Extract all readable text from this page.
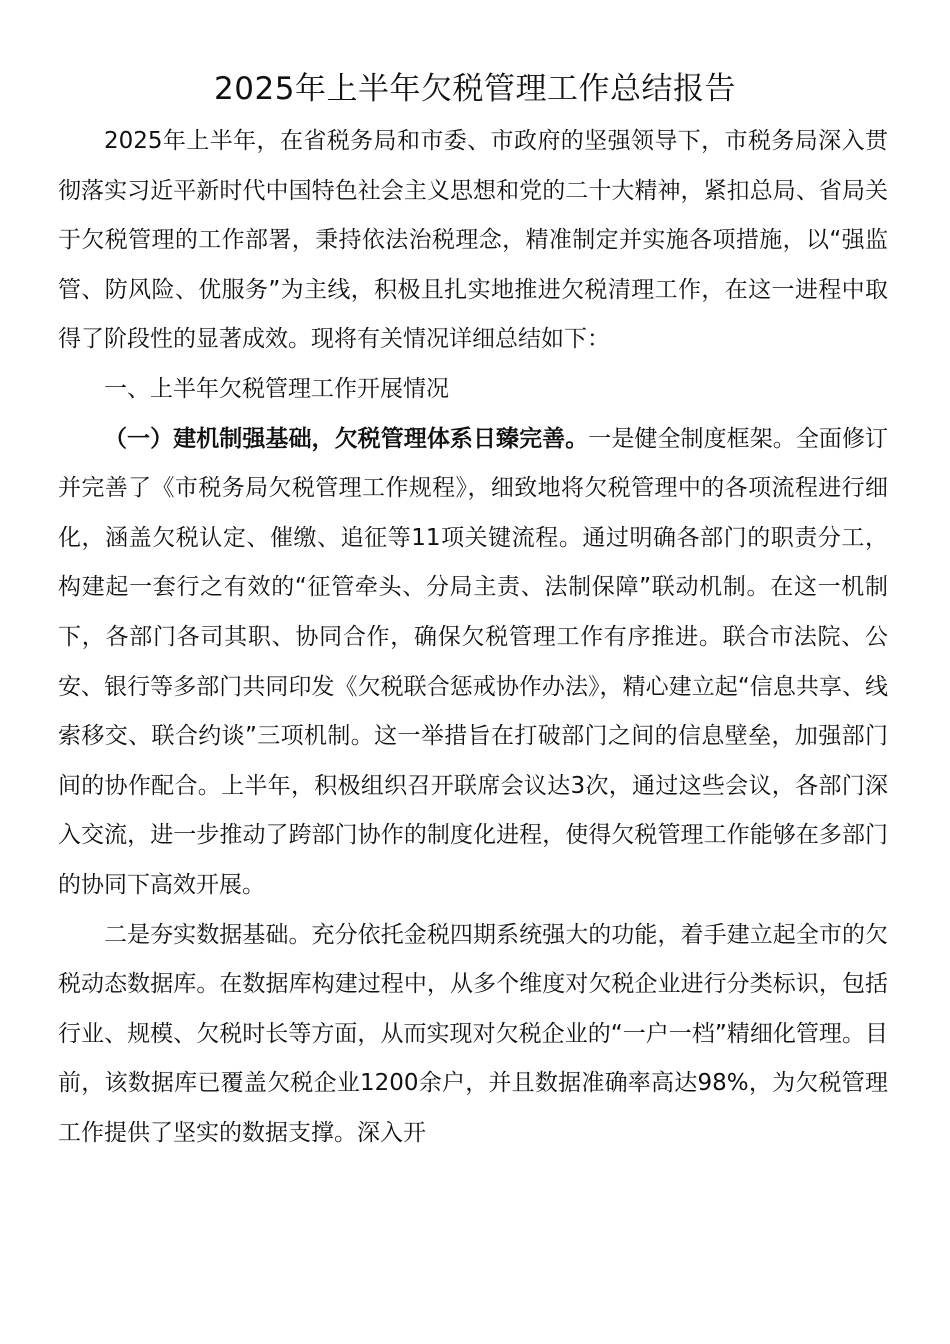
2025年上半年欠税管理工作总结报告

2025年上半年，在省税务局和市委、市政府的坚强领导下，市税务局深入贯彻落实习近平新时代中国特色社会主义思想和党的二十大精神，紧扣总局、省局关于欠税管理的工作部署，秉持依法治税理念，精准制定并实施各项措施，以“强监管、防风险、优服务”为主线，积极且扎实地推进欠税清理工作，在这一进程中取得了阶段性的显著成效。现将有关情况详细总结如下：

一、上半年欠税管理工作开展情况

（一）建机制强基础，欠税管理体系日臻完善。一是健全制度框架。全面修订并完善了《市税务局欠税管理工作规程》，细致地将欠税管理中的各项流程进行细化，涵盖欠税认定、催缴、追征等11项关键流程。通过明确各部门的职责分工，构建起一套行之有效的“征管牵头、分局主责、法制保障”联动机制。在这一机制下，各部门各司其职、协同合作，确保欠税管理工作有序推进。联合市法院、公安、银行等多部门共同印发《欠税联合惩戒协作办法》，精心建立起“信息共享、线索移交、联合约谈”三项机制。这一举措旨在打破部门之间的信息壁垒，加强部门间的协作配合。上半年，积极组织召开联席会议达3次，通过这些会议，各部门深入交流，进一步推动了跨部门协作的制度化进程，使得欠税管理工作能够在多部门的协同下高效开展。

二是夯实数据基础。充分依托金税四期系统强大的功能，着手建立起全市的欠税动态数据库。在数据库构建过程中，从多个维度对欠税企业进行分类标识，包括行业、规模、欠税时长等方面，从而实现对欠税企业的“一户一档”精细化管理。目前，该数据库已覆盖欠税企业1200余户，并且数据准确率高达98%，为欠税管理工作提供了坚实的数据支撑。深入开
